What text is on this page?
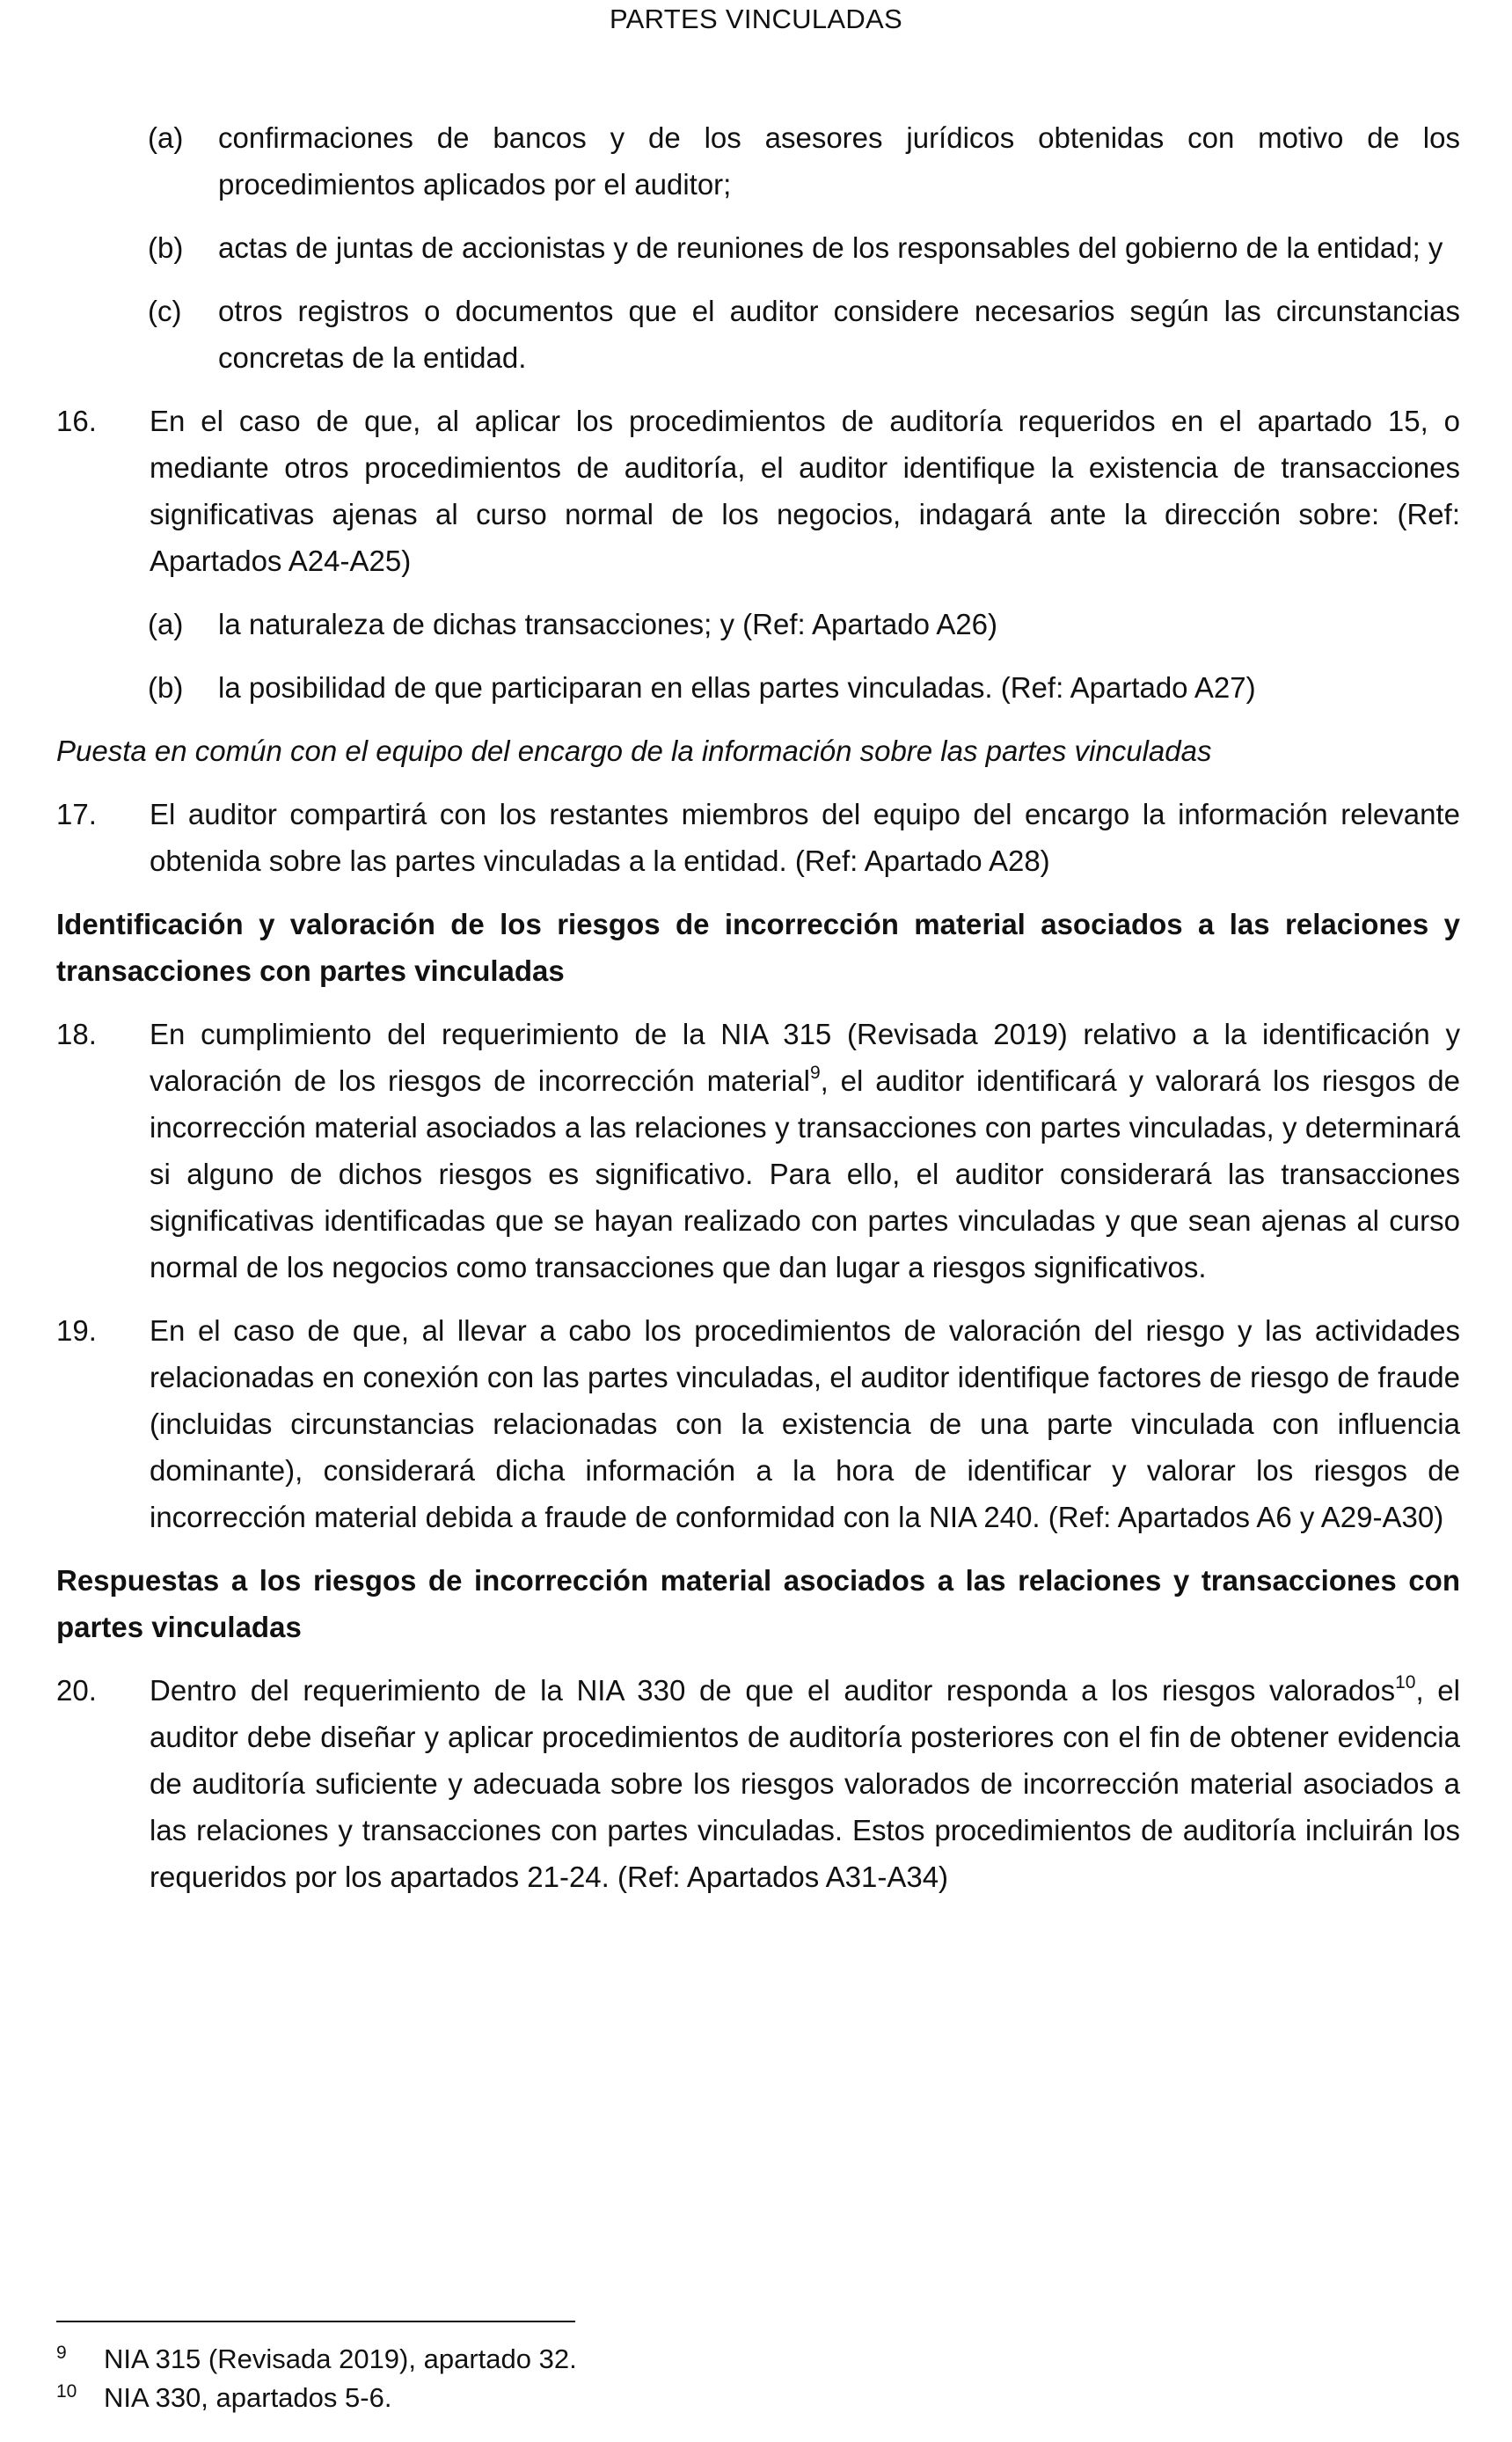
PARTES VINCULADAS
(a)	confirmaciones de bancos y de los asesores jurídicos obtenidas con motivo de los procedimientos aplicados por el auditor;
(b)	actas de juntas de accionistas y de reuniones de los responsables del gobierno de la entidad; y
(c)	otros registros o documentos que el auditor considere necesarios según las circunstancias concretas de la entidad.
16.	En el caso de que, al aplicar los procedimientos de auditoría requeridos en el apartado 15, o mediante otros procedimientos de auditoría, el auditor identifique la existencia de transacciones significativas ajenas al curso normal de los negocios, indagará ante la dirección sobre: (Ref: Apartados A24-A25)
(a)	la naturaleza de dichas transacciones; y (Ref: Apartado A26)
(b)	la posibilidad de que participaran en ellas partes vinculadas. (Ref: Apartado A27)

Puesta en común con el equipo del encargo de la información sobre las partes vinculadas

17.	El auditor compartirá con los restantes miembros del equipo del encargo la información relevante obtenida sobre las partes vinculadas a la entidad. (Ref: Apartado A28)

Identificación y valoración de los riesgos de incorrección material asociados a las relaciones y transacciones con partes vinculadas

18.	En cumplimiento del requerimiento de la NIA 315 (Revisada 2019) relativo a la identificación y valoración de los riesgos de incorrección material$^9$, el auditor identificará y valorará los riesgos de incorrección material asociados a las relaciones y transacciones con partes vinculadas, y determinará si alguno de dichos riesgos es significativo. Para ello, el auditor considerará las transacciones significativas identificadas que se hayan realizado con partes vinculadas y que sean ajenas al curso normal de los negocios como transacciones que dan lugar a riesgos significativos.
19.	En el caso de que, al llevar a cabo los procedimientos de valoración del riesgo y las actividades relacionadas en conexión con las partes vinculadas, el auditor identifique factores de riesgo de fraude (incluidas circunstancias relacionadas con la existencia de una parte vinculada con influencia dominante), considerará dicha información a la hora de identificar y valorar los riesgos de incorrección material debida a fraude de conformidad con la NIA 240. (Ref: Apartados A6 y A29-A30)

Respuestas a los riesgos de incorrección material asociados a las relaciones y transacciones con partes vinculadas

20.	Dentro del requerimiento de la NIA 330 de que el auditor responda a los riesgos valorados$^{10}$, el auditor debe diseñar y aplicar procedimientos de auditoría posteriores con el fin de obtener evidencia de auditoría suficiente y adecuada sobre los riesgos valorados de incorrección material asociados a las relaciones y transacciones con partes vinculadas. Estos procedimientos de auditoría incluirán los requeridos por los apartados 21-24. (Ref: Apartados A31-A34)
9	NIA 315 (Revisada 2019), apartado 32.
10 NIA 330, apartados 5-6.
